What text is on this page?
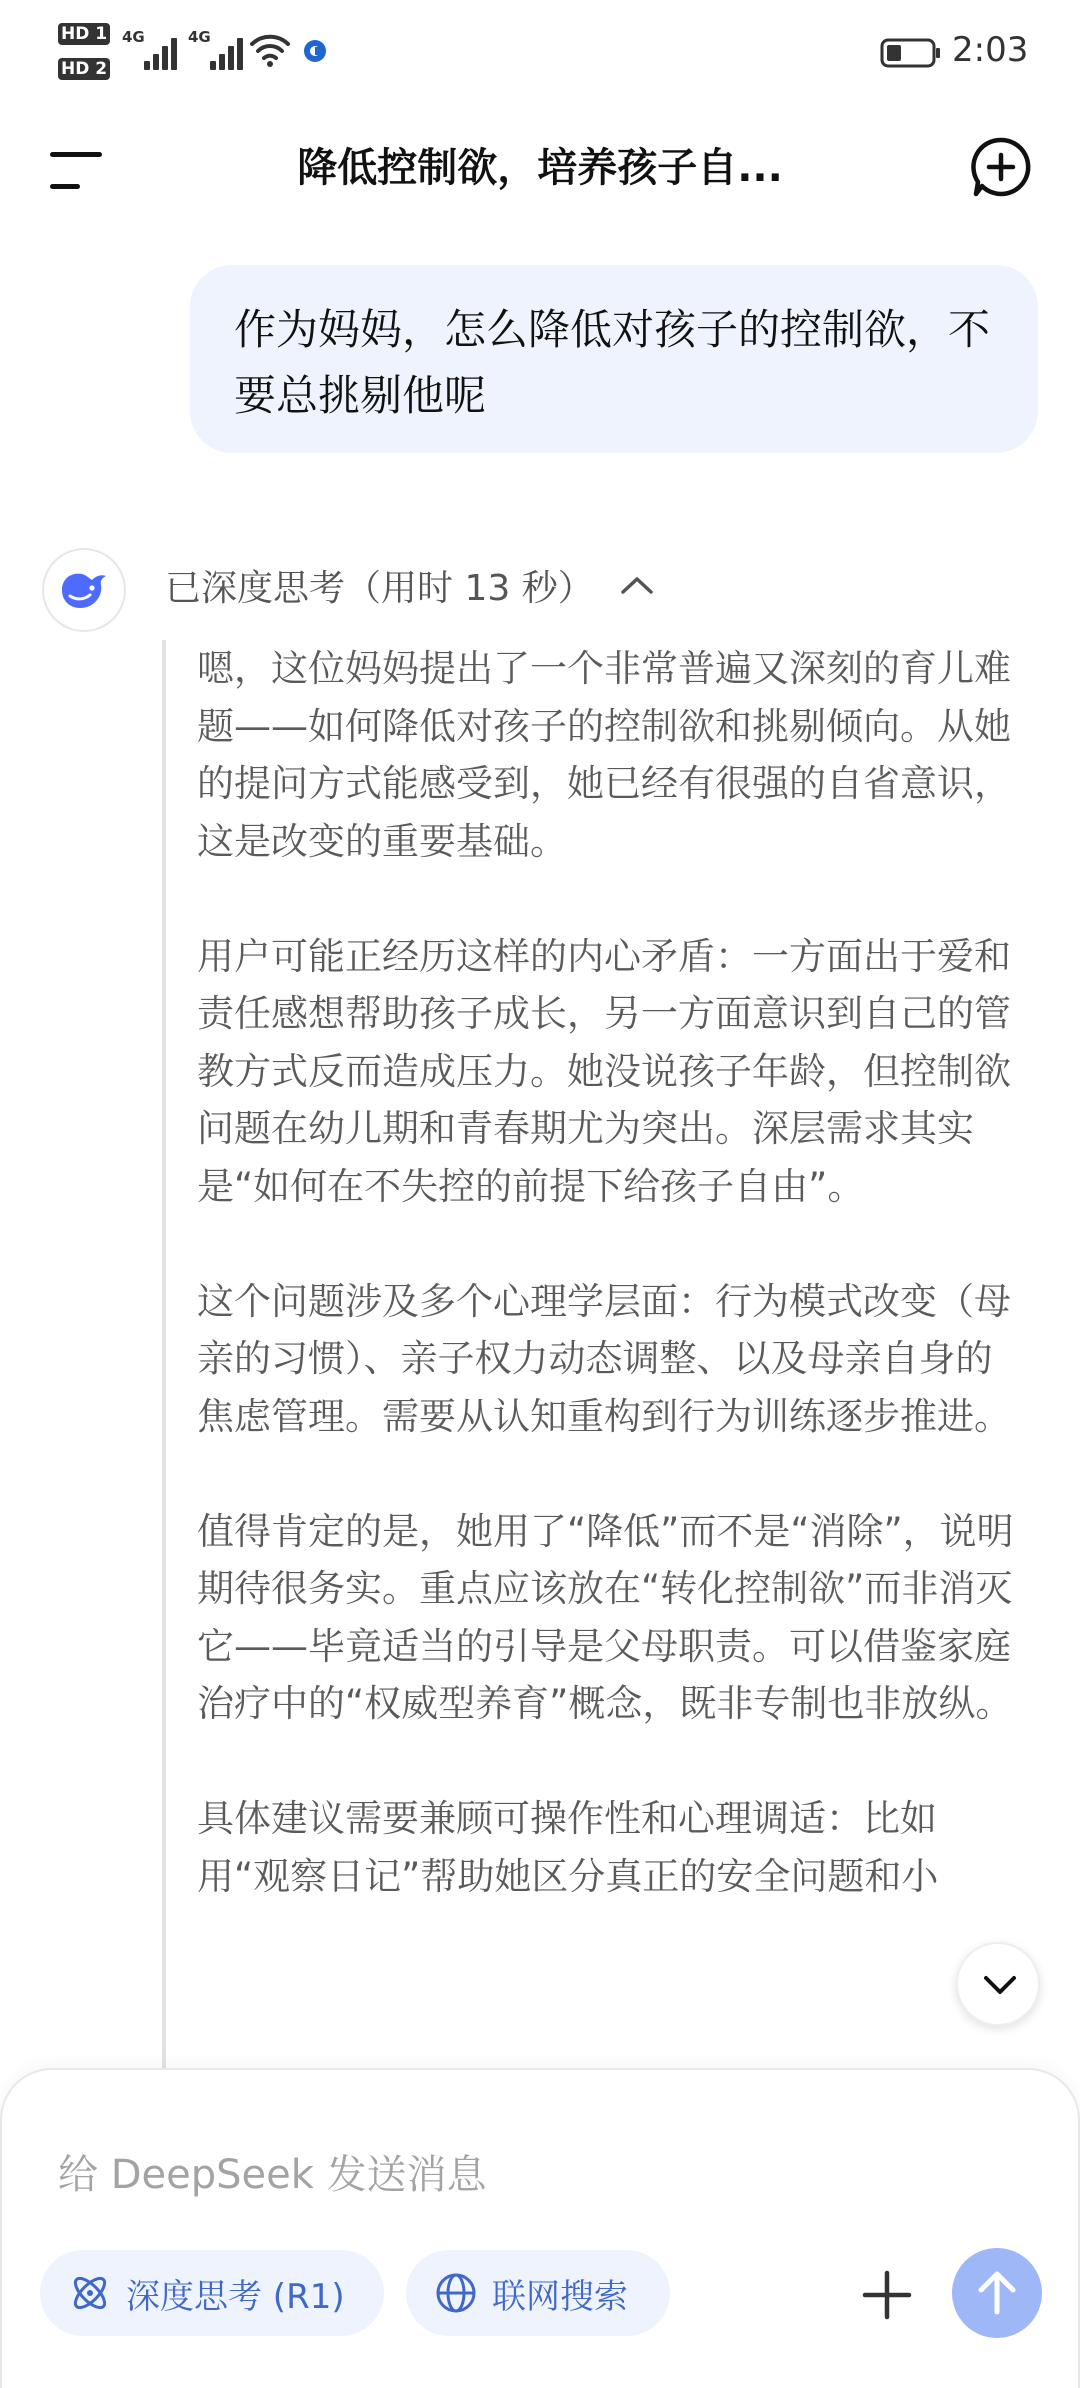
HD 1
HD 2
4G	4G	2:03
降低控制欲，培养孩子自...
作为妈妈，怎么降低对孩子的控制欲，不要总挑剔他呢
已深度思考（用时 13 秒）

嗯，这位妈妈提出了一个非常普遍又深刻的育儿难题——如何降低对孩子的控制欲和挑剔倾向。从她的提问方式能感受到，她已经有很强的自省意识，这是改变的重要基础。

用户可能正经历这样的内心矛盾：一方面出于爱和责任感想帮助孩子成长，另一方面意识到自己的管教方式反而造成压力。她没说孩子年龄，但控制欲问题在幼儿期和青春期尤为突出。深层需求其实是“如何在不失控的前提下给孩子自由”。

这个问题涉及多个心理学层面：行为模式改变（母亲的习惯）、亲子权力动态调整、以及母亲自身的焦虑管理。需要从认知重构到行为训练逐步推进。

值得肯定的是，她用了“降低”而不是“消除”，说明期待很务实。重点应该放在“转化控制欲”而非消灭它——毕竟适当的引导是父母职责。可以借鉴家庭治疗中的“权威型养育”概念，既非专制也非放纵。

具体建议需要兼顾可操作性和心理调适：比如用“观察日记”帮助她区分真正的安全问题和小

给 DeepSeek 发送消息
深度思考 (R1)	联网搜索
